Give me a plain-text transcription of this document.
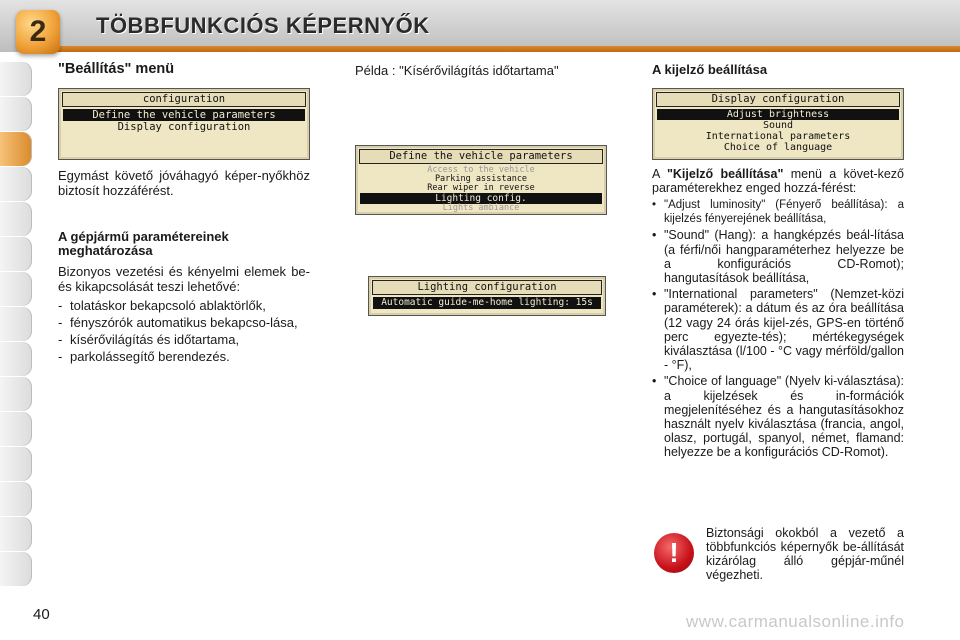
2	TÖBBFUNKCIÓS KÉPERNYŐK
"Beállítás" menü
configuration
Define the vehicle parameters
Display configuration

Egymást követő jóváhagyó képer-nyőkhöz biztosít hozzáférést.

A gépjármű paramétereinek meghatározása

Bizonyos vezetési és kényelmi elemek be- és kikapcsolását teszi lehetővé:

- tolatáskor bekapcsoló ablaktörlők,
- fényszórók automatikus bekapcso-lása,
- kísérővilágítás és időtartama,
- parkolássegítő berendezés.
Példa : "Kísérővilágítás időtartama"
Define the vehicle parameters
Access to the vehicle
Parking assistance
Rear wiper in reverse
Lighting config.
Lights ambiance
Lighting configuration
Automatic guide-me-home lighting: 15s
A kijelző beállítása
Display configuration
Adjust brightness
Sound
International parameters
Choice of language

A "Kijelző beállítása" menü a követ-kező paraméterekhez enged hozzá-férést:

• "Adjust luminosity" (Fényerő beállítása): a kijelzés fényerejének beállítása,
• "Sound" (Hang): a hangképzés beál-lítása (a férfi/női hangparaméterhez helyezze be a konfigurációs CD-Romot); hangutasítások beállítása,
• "International parameters" (Nemzet-közi paraméterek): a dátum és az óra beállítása (12 vagy 24 órás kijel-zés, GPS-en történő perc egyezte-tés); mértékegységek kiválasztása (l/100 - °C vagy mérföld/gallon - °F),
• "Choice of language" (Nyelv ki-választása): a kijelzések és in-formációk megjelenítéséhez és a hangutasításokhoz használt nyelv kiválasztása (francia, angol, olasz, portugál, spanyol, német, flamand: helyezze be a konfigurációs CD-Romot).
!

Biztonsági okokból a vezető a többfunkciós képernyők be-állítását kizárólag álló gépjár-műnél végezheti.

40	www.carmanualsonline.info
